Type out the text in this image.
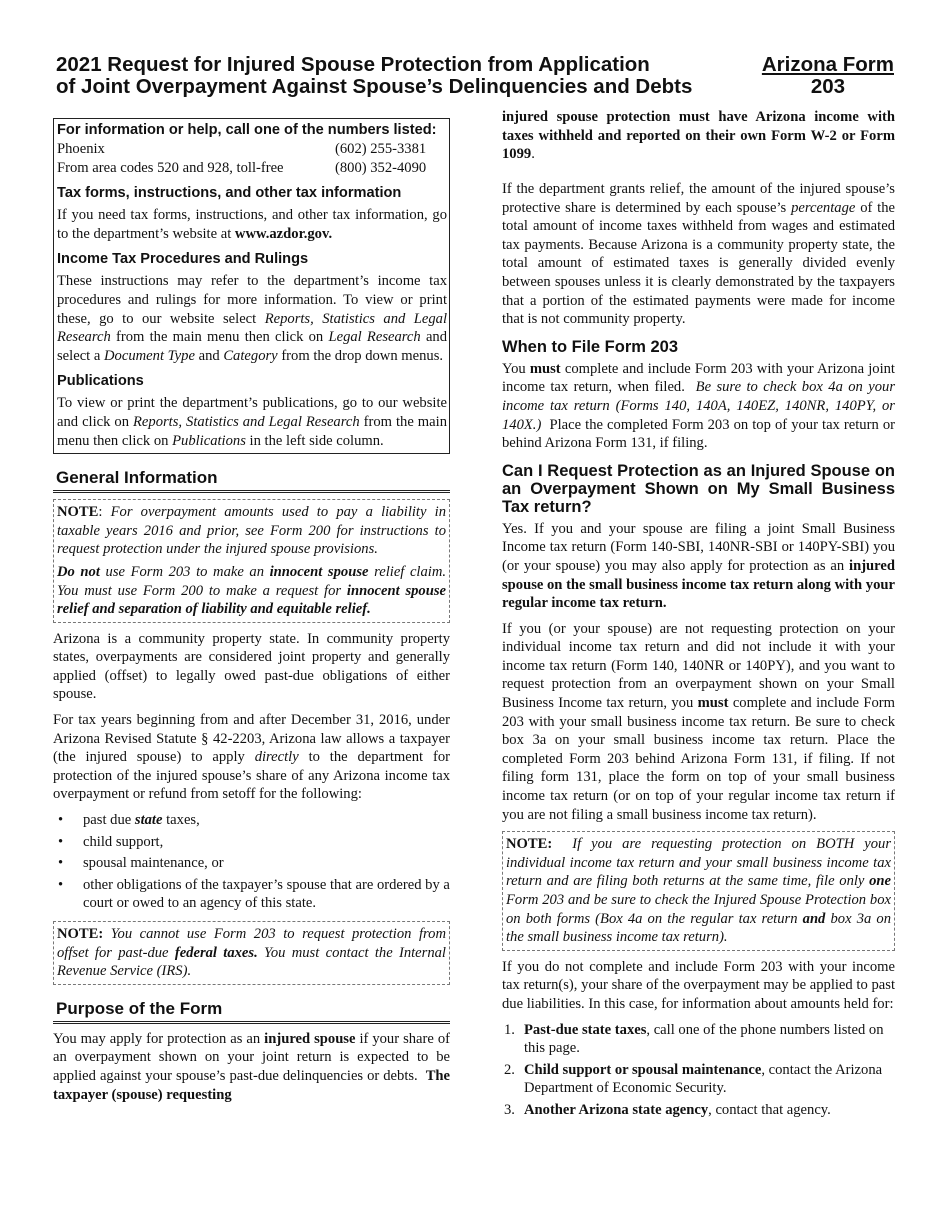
2021 Request for Injured Spouse Protection from Application
of Joint Overpayment Against Spouse’s Delinquencies and Debts
Arizona Form
203
For information or help, call one of the numbers listed:
Phoenix	(602) 255-3381
From area codes 520 and 928, toll-free	(800) 352-4090
Tax forms, instructions, and other tax information

If you need tax forms, instructions, and other tax information, go to the department’s website at www.azdor.gov.

Income Tax Procedures and Rulings

These instructions may refer to the department’s income tax procedures and rulings for more information. To view or print these, go to our website select Reports, Statistics and Legal Research from the main menu then click on Legal Research and select a Document Type and Category from the drop down menus.

Publications

To view or print the department’s publications, go to our website and click on Reports, Statistics and Legal Research from the main menu then click on Publications in the left side column.

General Information

NOTE: For overpayment amounts used to pay a liability in taxable years 2016 and prior, see Form 200 for instructions to request protection under the injured spouse provisions.

Do not use Form 203 to make an innocent spouse relief claim. You must use Form 200 to make a request for innocent spouse relief and separation of liability and equitable relief.

Arizona is a community property state. In community property states, overpayments are considered joint property and generally applied (offset) to legally owed past-due obligations of either spouse.

For tax years beginning from and after December 31, 2016, under Arizona Revised Statute § 42-2203, Arizona law allows a taxpayer (the injured spouse) to apply directly to the department for protection of the injured spouse’s share of any Arizona income tax overpayment or refund from setoff for the following:

• past due state taxes,
• child support,
• spousal maintenance, or
• other obligations of the taxpayer’s spouse that are ordered by a court or owed to an agency of this state.

NOTE: You cannot use Form 203 to request protection from offset for past-due federal taxes. You must contact the Internal Revenue Service (IRS).

Purpose of the Form

You may apply for protection as an injured spouse if your share of an overpayment shown on your joint return is expected to be applied against your spouse’s past-due delinquencies or debts. The taxpayer (spouse) requesting

If the department grants relief, the amount of the injured spouse’s protective share is determined by each spouse’s percentage of the total amount of income taxes withheld from wages and estimated tax payments. Because Arizona is a community property state, the total amount of estimated taxes is generally divided evenly between spouses unless it is clearly demonstrated by the taxpayers that a portion of the estimated payments were made for income that is not community property.

When to File Form 203

You must complete and include Form 203 with your Arizona joint income tax return, when filed. Be sure to check box 4a on your income tax return (Forms 140, 140A, 140EZ, 140NR, 140PY, or 140X.) Place the completed Form 203 on top of your tax return or behind Arizona Form 131, if filing.

Can I Request Protection as an Injured Spouse on an Overpayment Shown on My Small Business Tax return?

Yes. If you and your spouse are filing a joint Small Business Income tax return (Form 140-SBI, 140NR-SBI or 140PY-SBI) you (or your spouse) you may also apply for protection as an injured spouse on the small business income tax return along with your regular income tax return.

If you (or your spouse) are not requesting protection on your individual income tax return and did not include it with your income tax return (Form 140, 140NR or 140PY), and you want to request protection from an overpayment shown on your Small Business Income tax return, you must complete and include Form 203 with your small business income tax return. Be sure to check box 3a on your small business income tax return. Place the completed Form 203 behind Arizona Form 131, if filing. If not filing form 131, place the form on top of your small business income tax return (or on top of your regular income tax return if you are not filing a small business income tax return).

NOTE: If you are requesting protection on BOTH your individual income tax return and your small business income tax return and are filing both returns at the same time, file only one Form 203 and be sure to check the Injured Spouse Protection box on both forms (Box 4a on the regular tax return and box 3a on the small business income tax return).

If you do not complete and include Form 203 with your income tax return(s), your share of the overpayment may be applied to past due liabilities. In this case, for information about amounts held for:

1. Past-due state taxes, call one of the phone numbers listed on this page.
2. Child support or spousal maintenance, contact the Arizona Department of Economic Security.
3. Another Arizona state agency, contact that agency.

injured spouse protection must have Arizona income with taxes withheld and reported on their own Form W-2 or Form 1099.
